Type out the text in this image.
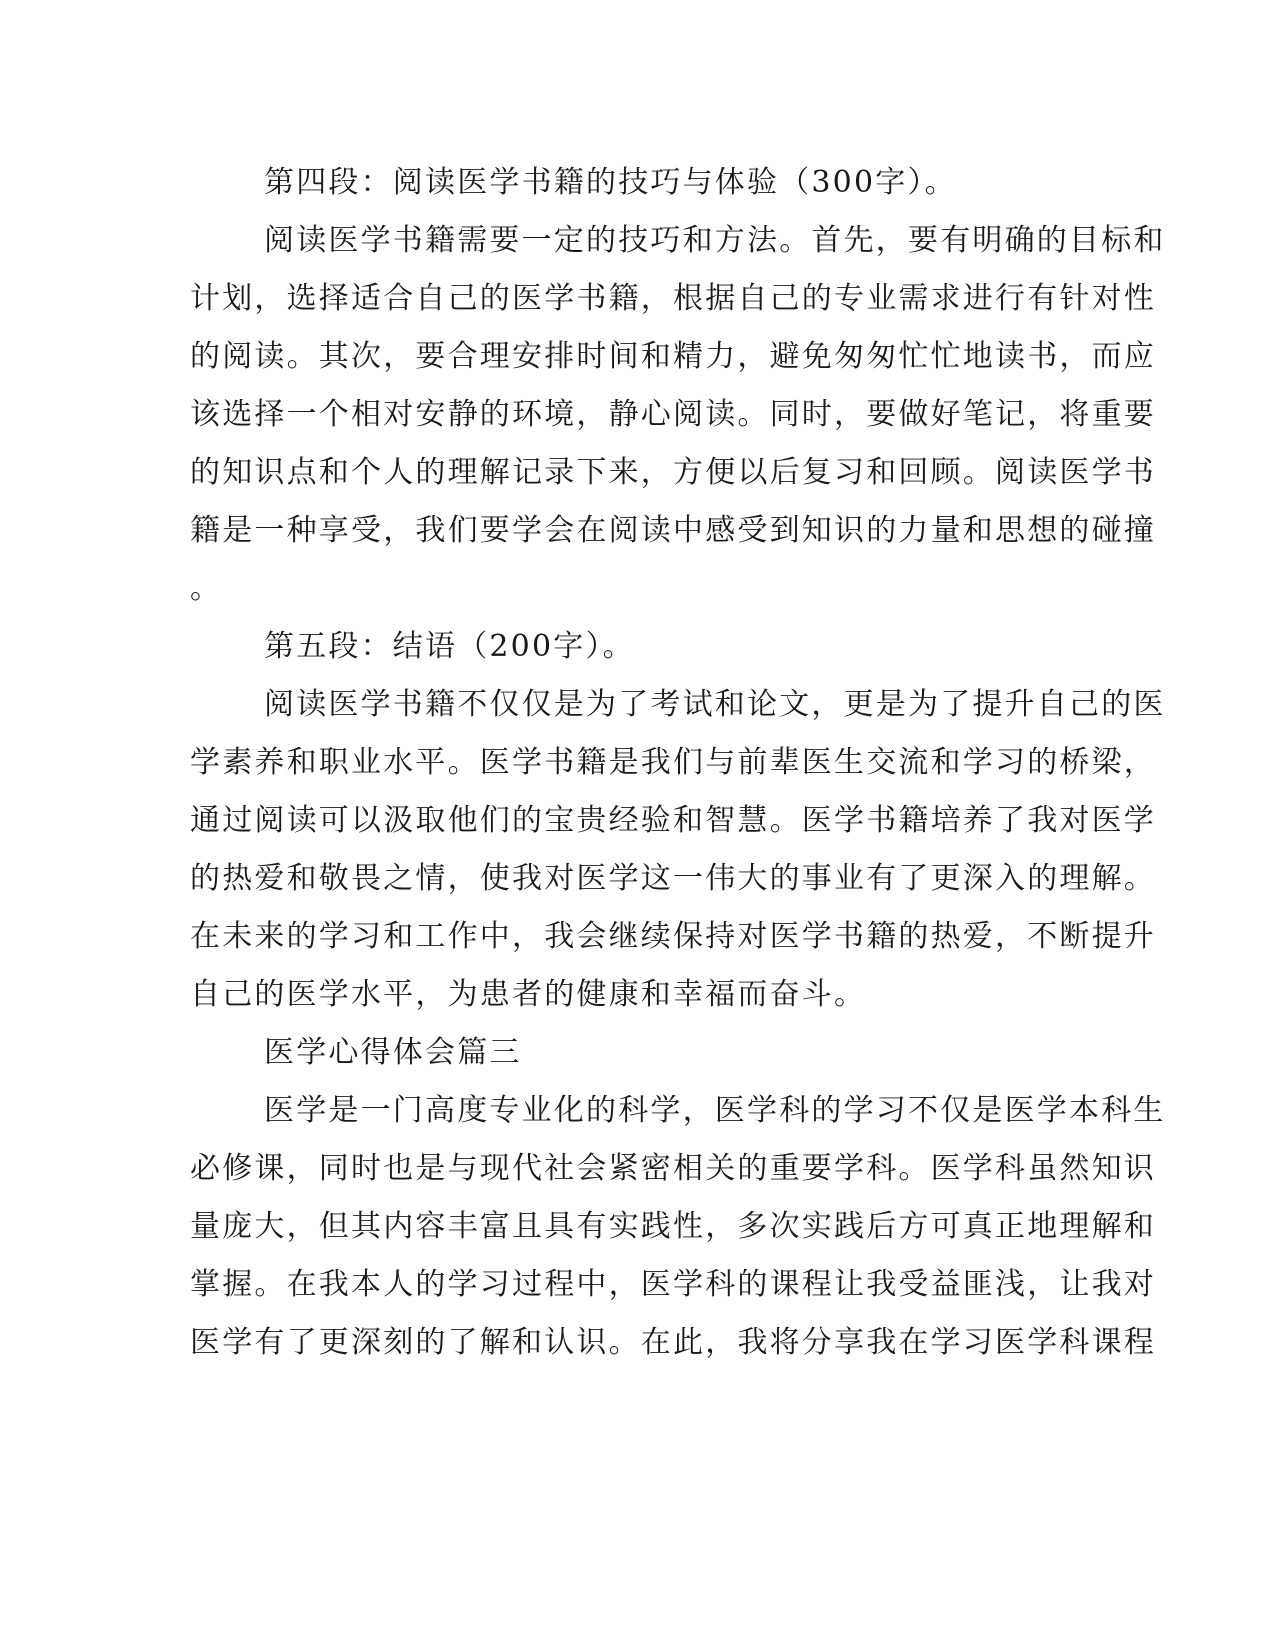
第四段：阅读医学书籍的技巧与体验（300字）。
阅读医学书籍需要一定的技巧和方法。首先，要有明确的目标和
计划，选择适合自己的医学书籍，根据自己的专业需求进行有针对性
的阅读。其次，要合理安排时间和精力，避免匆匆忙忙地读书，而应
该选择一个相对安静的环境，静心阅读。同时，要做好笔记，将重要
的知识点和个人的理解记录下来，方便以后复习和回顾。阅读医学书
籍是一种享受，我们要学会在阅读中感受到知识的力量和思想的碰撞
。
第五段：结语（200字）。
阅读医学书籍不仅仅是为了考试和论文，更是为了提升自己的医
学素养和职业水平。医学书籍是我们与前辈医生交流和学习的桥梁，
通过阅读可以汲取他们的宝贵经验和智慧。医学书籍培养了我对医学
的热爱和敬畏之情，使我对医学这一伟大的事业有了更深入的理解。
在未来的学习和工作中，我会继续保持对医学书籍的热爱，不断提升
自己的医学水平，为患者的健康和幸福而奋斗。
医学心得体会篇三
医学是一门高度专业化的科学，医学科的学习不仅是医学本科生
必修课，同时也是与现代社会紧密相关的重要学科。医学科虽然知识
量庞大，但其内容丰富且具有实践性，多次实践后方可真正地理解和
掌握。在我本人的学习过程中，医学科的课程让我受益匪浅，让我对
医学有了更深刻的了解和认识。在此，我将分享我在学习医学科课程
